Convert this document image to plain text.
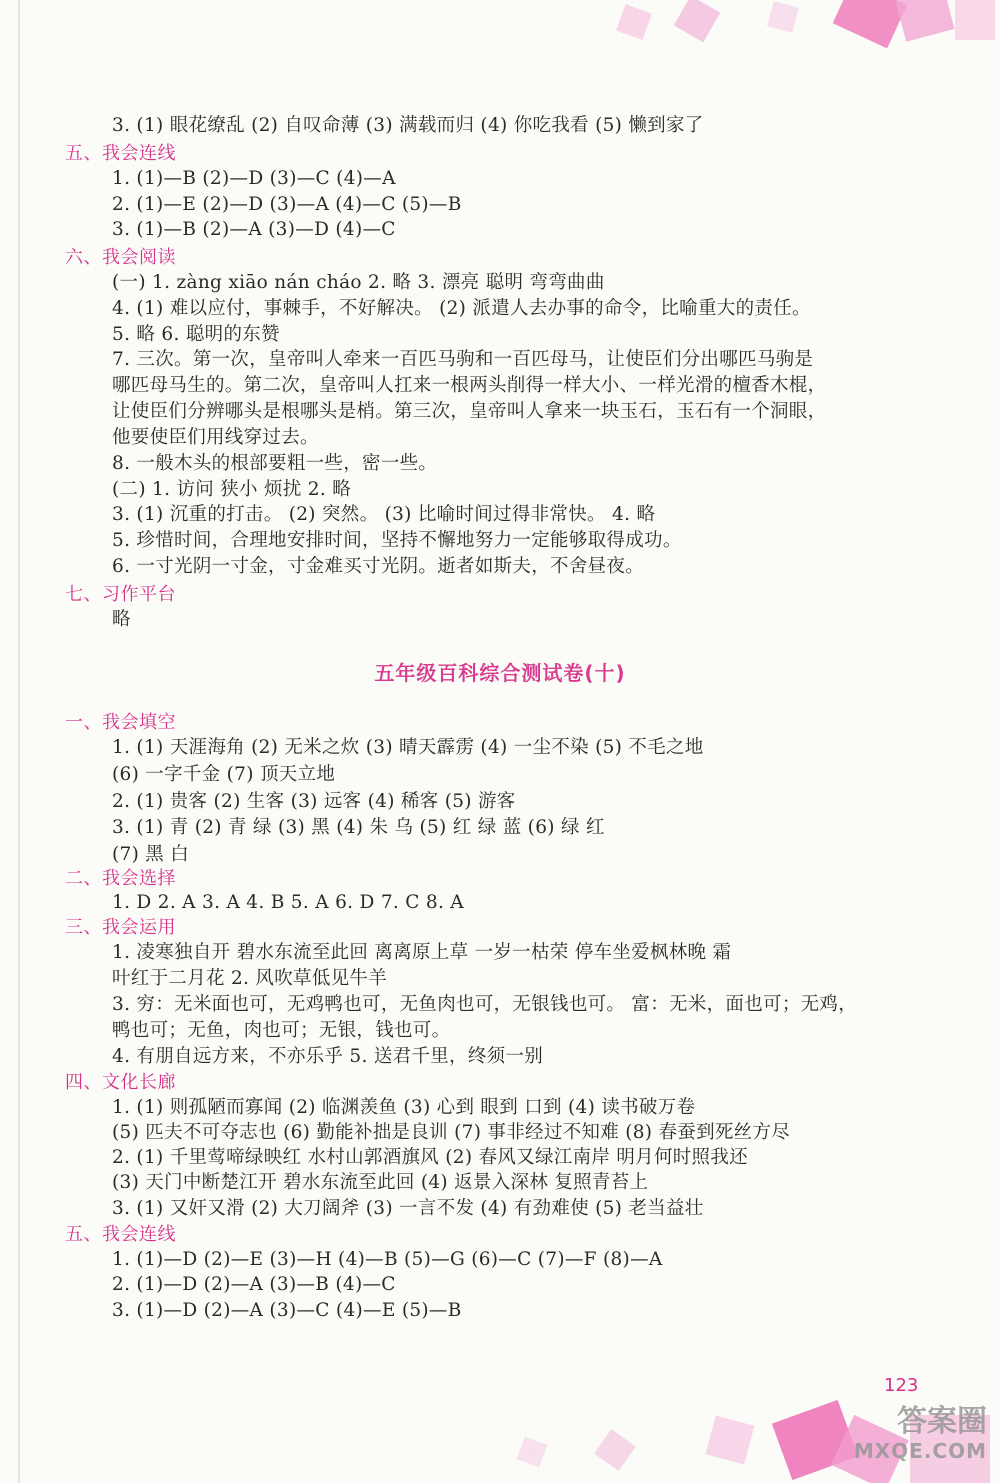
3. (1) 眼花缭乱 (2) 自叹命薄 (3) 满载而归 (4) 你吃我看 (5) 懒到家了
五、我会连线
1. (1)—B (2)—D (3)—C (4)—A
2. (1)—E (2)—D (3)—A (4)—C (5)—B
3. (1)—B (2)—A (3)—D (4)—C
六、我会阅读
(一) 1. zàng xiāo nán cháo 2. 略 3. 漂亮 聪明 弯弯曲曲
4. (1) 难以应付，事棘手，不好解决。 (2) 派遣人去办事的命令，比喻重大的责任。
5. 略 6. 聪明的东赞
7. 三次。第一次，皇帝叫人牵来一百匹马驹和一百匹母马，让使臣们分出哪匹马驹是
哪匹母马生的。第二次，皇帝叫人扛来一根两头削得一样大小、一样光滑的檀香木棍，
让使臣们分辨哪头是根哪头是梢。第三次，皇帝叫人拿来一块玉石，玉石有一个洞眼，
他要使臣们用线穿过去。
8. 一般木头的根部要粗一些，密一些。
(二) 1. 访问 狭小 烦扰 2. 略
3. (1) 沉重的打击。 (2) 突然。 (3) 比喻时间过得非常快。 4. 略
5. 珍惜时间，合理地安排时间，坚持不懈地努力一定能够取得成功。
6. 一寸光阴一寸金，寸金难买寸光阴。逝者如斯夫，不舍昼夜。
七、习作平台
略
五年级百科综合测试卷(十)
一、我会填空
1. (1) 天涯海角 (2) 无米之炊 (3) 晴天霹雳 (4) 一尘不染 (5) 不毛之地
(6) 一字千金 (7) 顶天立地
2. (1) 贵客 (2) 生客 (3) 远客 (4) 稀客 (5) 游客
3. (1) 青 (2) 青 绿 (3) 黑 (4) 朱 乌 (5) 红 绿 蓝 (6) 绿 红
(7) 黑 白
二、我会选择
1. D 2. A 3. A 4. B 5. A 6. D 7. C 8. A
三、我会运用
1. 凌寒独自开 碧水东流至此回 离离原上草 一岁一枯荣 停车坐爱枫林晚 霜
叶红于二月花 2. 风吹草低见牛羊
3. 穷：无米面也可，无鸡鸭也可，无鱼肉也可，无银钱也可。 富：无米，面也可；无鸡，
鸭也可；无鱼，肉也可；无银，钱也可。
4. 有朋自远方来，不亦乐乎 5. 送君千里，终须一别
四、文化长廊
1. (1) 则孤陋而寡闻 (2) 临渊羡鱼 (3) 心到 眼到 口到 (4) 读书破万卷
(5) 匹夫不可夺志也 (6) 勤能补拙是良训 (7) 事非经过不知难 (8) 春蚕到死丝方尽
2. (1) 千里莺啼绿映红 水村山郭酒旗风 (2) 春风又绿江南岸 明月何时照我还
(3) 天门中断楚江开 碧水东流至此回 (4) 返景入深林 复照青苔上
3. (1) 又奸又滑 (2) 大刀阔斧 (3) 一言不发 (4) 有劲难使 (5) 老当益壮
五、我会连线
1. (1)—D (2)—E (3)—H (4)—B (5)—G (6)—C (7)—F (8)—A
2. (1)—D (2)—A (3)—B (4)—C
3. (1)—D (2)—A (3)—C (4)—E (5)—B
123
答案圈
MXQE.COM
